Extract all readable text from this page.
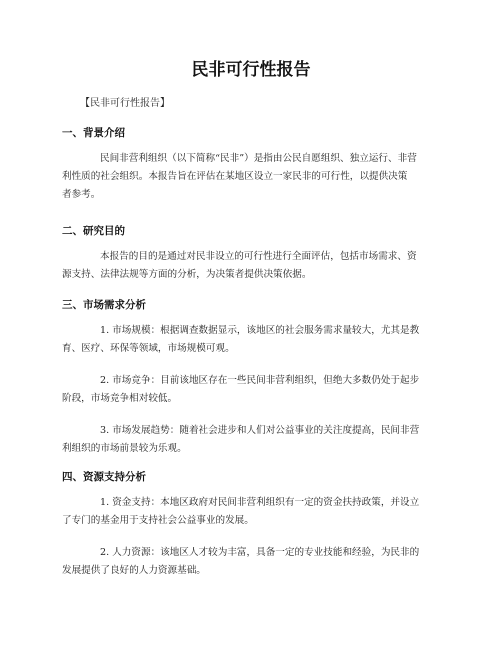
民非可行性报告
【民非可行性报告】
一、背景介绍
民间非营利组织（以下简称“民非”）是指由公民自愿组织、独立运行、非营
利性质的社会组织。本报告旨在评估在某地区设立一家民非的可行性，以提供决策
者参考。
二、研究目的
本报告的目的是通过对民非设立的可行性进行全面评估，包括市场需求、资
源支持、法律法规等方面的分析，为决策者提供决策依据。
三、市场需求分析
1. 市场规模：根据调查数据显示，该地区的社会服务需求量较大，尤其是教
育、医疗、环保等领域，市场规模可观。
2. 市场竞争：目前该地区存在一些民间非营利组织，但绝大多数仍处于起步
阶段，市场竞争相对较低。
3. 市场发展趋势：随着社会进步和人们对公益事业的关注度提高，民间非营
利组织的市场前景较为乐观。
四、资源支持分析
1. 资金支持：本地区政府对民间非营利组织有一定的资金扶持政策，并设立
了专门的基金用于支持社会公益事业的发展。
2. 人力资源：该地区人才较为丰富，具备一定的专业技能和经验，为民非的
发展提供了良好的人力资源基础。
